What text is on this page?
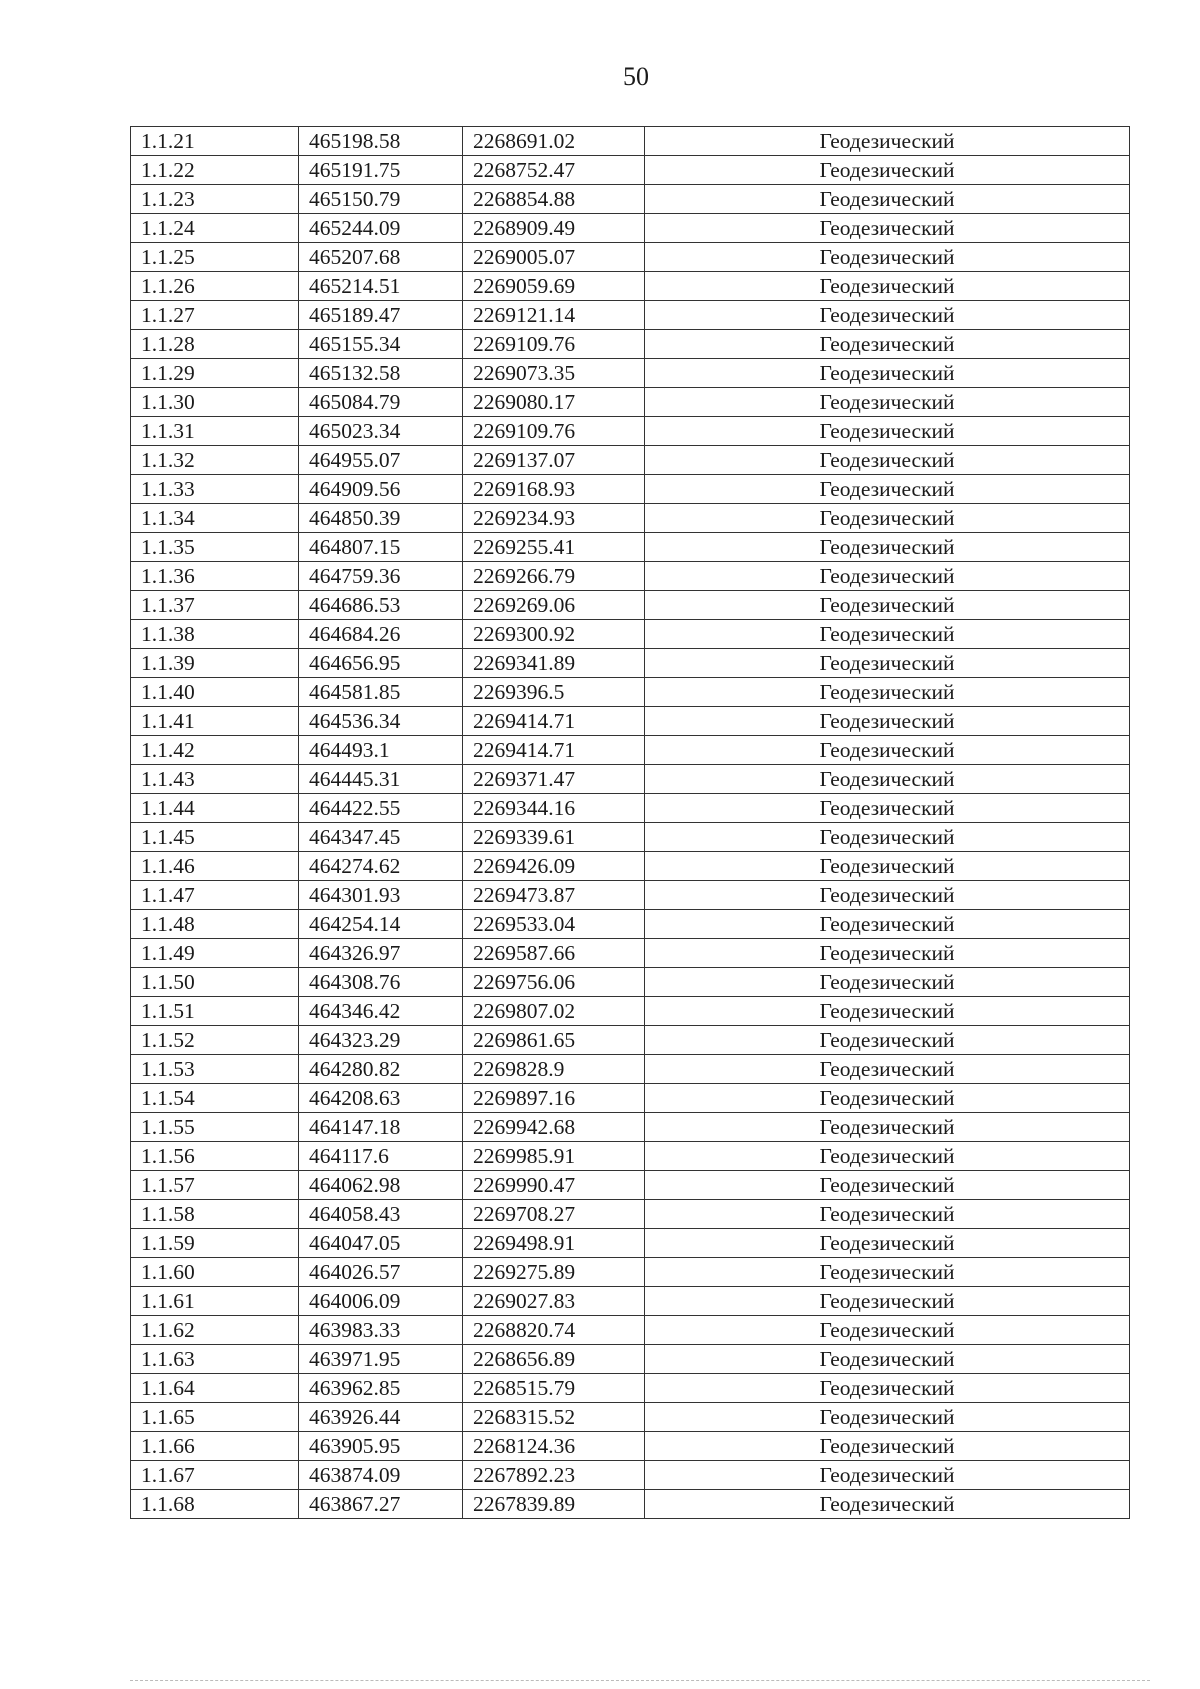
50
1.1.21	465198.58	2268691.02	Геодезический
1.1.22	465191.75	2268752.47	Геодезический
1.1.23	465150.79	2268854.88	Геодезический
1.1.24	465244.09	2268909.49	Геодезический
1.1.25	465207.68	2269005.07	Геодезический
1.1.26	465214.51	2269059.69	Геодезический
1.1.27	465189.47	2269121.14	Геодезический
1.1.28	465155.34	2269109.76	Геодезический
1.1.29	465132.58	2269073.35	Геодезический
1.1.30	465084.79	2269080.17	Геодезический
1.1.31	465023.34	2269109.76	Геодезический
1.1.32	464955.07	2269137.07	Геодезический
1.1.33	464909.56	2269168.93	Геодезический
1.1.34	464850.39	2269234.93	Геодезический
1.1.35	464807.15	2269255.41	Геодезический
1.1.36	464759.36	2269266.79	Геодезический
1.1.37	464686.53	2269269.06	Геодезический
1.1.38	464684.26	2269300.92	Геодезический
1.1.39	464656.95	2269341.89	Геодезический
1.1.40	464581.85	2269396.5	Геодезический
1.1.41	464536.34	2269414.71	Геодезический
1.1.42	464493.1	2269414.71	Геодезический
1.1.43	464445.31	2269371.47	Геодезический
1.1.44	464422.55	2269344.16	Геодезический
1.1.45	464347.45	2269339.61	Геодезический
1.1.46	464274.62	2269426.09	Геодезический
1.1.47	464301.93	2269473.87	Геодезический
1.1.48	464254.14	2269533.04	Геодезический
1.1.49	464326.97	2269587.66	Геодезический
1.1.50	464308.76	2269756.06	Геодезический
1.1.51	464346.42	2269807.02	Геодезический
1.1.52	464323.29	2269861.65	Геодезический
1.1.53	464280.82	2269828.9	Геодезический
1.1.54	464208.63	2269897.16	Геодезический
1.1.55	464147.18	2269942.68	Геодезический
1.1.56	464117.6	2269985.91	Геодезический
1.1.57	464062.98	2269990.47	Геодезический
1.1.58	464058.43	2269708.27	Геодезический
1.1.59	464047.05	2269498.91	Геодезический
1.1.60	464026.57	2269275.89	Геодезический
1.1.61	464006.09	2269027.83	Геодезический
1.1.62	463983.33	2268820.74	Геодезический
1.1.63	463971.95	2268656.89	Геодезический
1.1.64	463962.85	2268515.79	Геодезический
1.1.65	463926.44	2268315.52	Геодезический
1.1.66	463905.95	2268124.36	Геодезический
1.1.67	463874.09	2267892.23	Геодезический
1.1.68	463867.27	2267839.89	Геодезический
